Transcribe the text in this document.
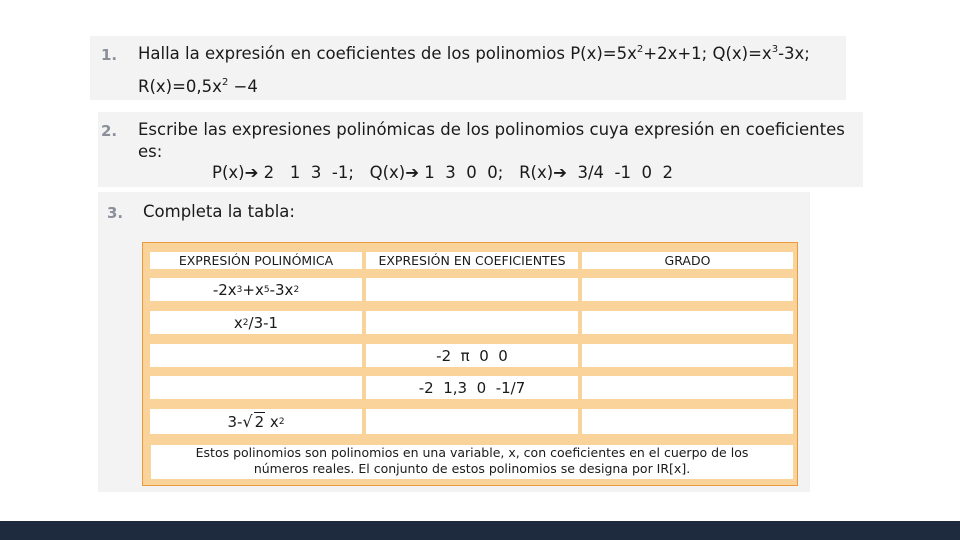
1. Halla la expresión en coeficientes de los polinomios $P(x)=5x^2+2x+1$; $Q(x)=x^3-3x$;
$R(x)=0,5x^2 -4$
2. Escribe las expresiones polinómicas de los polinomios cuya expresión en coeficientes
es:
P(x)➔ 2   1  3  -1;   Q(x)➔ 1  3  0  0;   R(x)➔  3/4  -1  0  2
3. Completa la tabla:
EXPRESIÓN POLINÓMICA	EXPRESIÓN EN COEFICIENTES	GRADO
-2x 3 +x 5 -3x 2
x 2 /3-1
-2  π  0  0
-2  1,3  0  -1/7
3- √ 2 x 2
Estos polinomios son polinomios en una variable, x, con coeficientes en el cuerpo de los
números reales. El conjunto de estos polinomios se designa por IR[x].
